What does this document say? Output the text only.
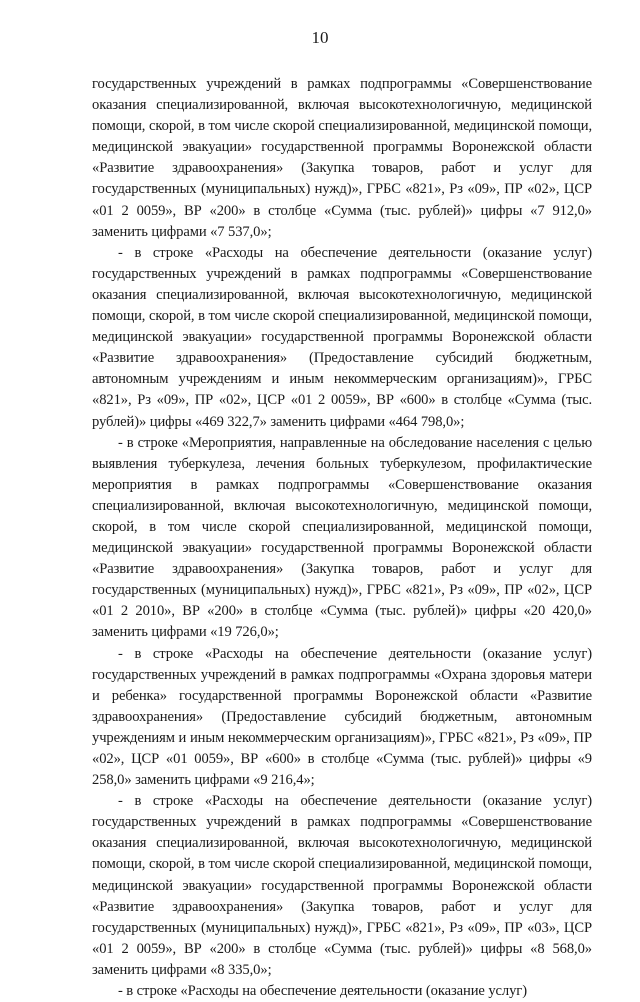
10

государственных учреждений в рамках подпрограммы «Совершенствование оказания специализированной, включая высокотехнологичную, медицинской помощи, скорой, в том числе скорой специализированной, медицинской помощи, медицинской эвакуации» государственной программы Воронежской области «Развитие здравоохранения» (Закупка товаров, работ и услуг для государственных (муниципальных) нужд)», ГРБС «821», Рз «09», ПР «02», ЦСР «01 2 0059», ВР «200» в столбце «Сумма (тыс. рублей)» цифры «7 912,0» заменить цифрами «7 537,0»;

- в строке «Расходы на обеспечение деятельности (оказание услуг) государственных учреждений в рамках подпрограммы «Совершенствование оказания специализированной, включая высокотехнологичную, медицинской помощи, скорой, в том числе скорой специализированной, медицинской помощи, медицинской эвакуации» государственной программы Воронежской области «Развитие здравоохранения» (Предоставление субсидий бюджетным, автономным учреждениям и иным некоммерческим организациям)», ГРБС «821», Рз «09», ПР «02», ЦСР «01 2 0059», ВР «600» в столбце «Сумма (тыс. рублей)» цифры «469 322,7» заменить цифрами «464 798,0»;

- в строке «Мероприятия, направленные на обследование населения с целью выявления туберкулеза, лечения больных туберкулезом, профилактические мероприятия в рамках подпрограммы «Совершенствование оказания специализированной, включая высокотехнологичную, медицинской помощи, скорой, в том числе скорой специализированной, медицинской помощи, медицинской эвакуации» государственной программы Воронежской области «Развитие здравоохранения» (Закупка товаров, работ и услуг для государственных (муниципальных) нужд)», ГРБС «821», Рз «09», ПР «02», ЦСР «01 2 2010», ВР «200» в столбце «Сумма (тыс. рублей)» цифры «20 420,0» заменить цифрами «19 726,0»;

- в строке «Расходы на обеспечение деятельности (оказание услуг) государственных учреждений в рамках подпрограммы «Охрана здоровья матери и ребенка» государственной программы Воронежской области «Развитие здравоохранения» (Предоставление субсидий бюджетным, автономным учреждениям и иным некоммерческим организациям)», ГРБС «821», Рз «09», ПР «02», ЦСР «01 0059», ВР «600» в столбце «Сумма (тыс. рублей)» цифры «9 258,0» заменить цифрами «9 216,4»;

- в строке «Расходы на обеспечение деятельности (оказание услуг) государственных учреждений в рамках подпрограммы «Совершенствование оказания специализированной, включая высокотехнологичную, медицинской помощи, скорой, в том числе скорой специализированной, медицинской помощи, медицинской эвакуации» государственной программы Воронежской области «Развитие здравоохранения» (Закупка товаров, работ и услуг для государственных (муниципальных) нужд)», ГРБС «821», Рз «09», ПР «03», ЦСР «01 2 0059», ВР «200» в столбце «Сумма (тыс. рублей)» цифры «8 568,0» заменить цифрами «8 335,0»;

- в строке «Расходы на обеспечение деятельности (оказание услуг)
